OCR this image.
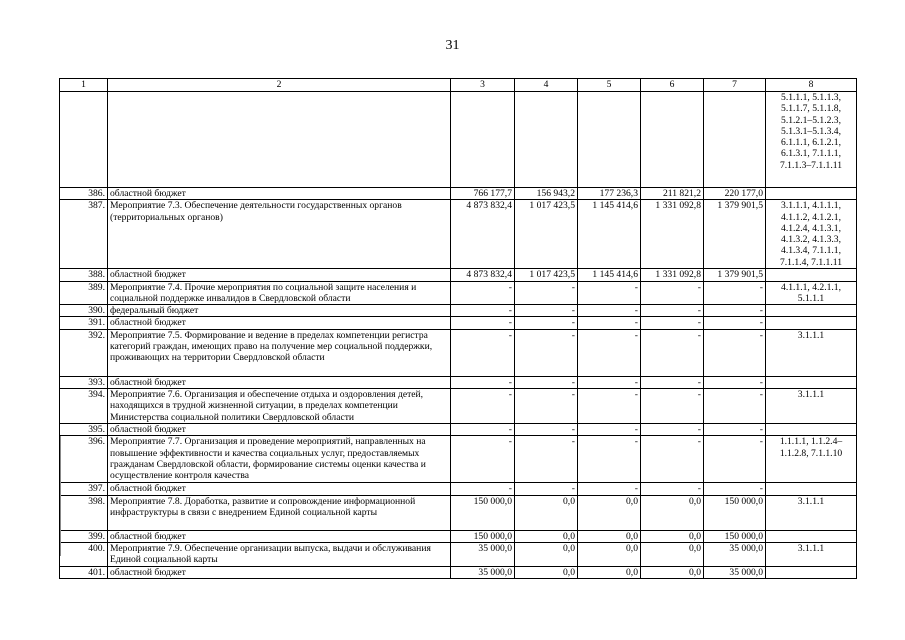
31
1	2	3	4	5	6	7	8
							5.1.1.1, 5.1.1.3, 5.1.1.7, 5.1.1.8, 5.1.2.1–5.1.2.3, 5.1.3.1–5.1.3.4, 6.1.1.1, 6.1.2.1, 6.1.3.1, 7.1.1.1, 7.1.1.3–7.1.1.11
386.	областной бюджет	766 177,7	156 943,2	177 236,3	211 821,2	220 177,0	
387.	Мероприятие 7.3. Обеспечение деятельности государственных органов (территориальных органов)	4 873 832,4	1 017 423,5	1 145 414,6	1 331 092,8	1 379 901,5	3.1.1.1, 4.1.1.1, 4.1.1.2, 4.1.2.1, 4.1.2.4, 4.1.3.1, 4.1.3.2, 4.1.3.3, 4.1.3.4, 7.1.1.1, 7.1.1.4, 7.1.1.11
388.	областной бюджет	4 873 832,4	1 017 423,5	1 145 414,6	1 331 092,8	1 379 901,5	
389.	Мероприятие 7.4. Прочие мероприятия по социальной защите населения и социальной поддержке инвалидов в Свердловской области	-	-	-	-	-	4.1.1.1, 4.2.1.1, 5.1.1.1
390.	федеральный бюджет	-	-	-	-	-	
391.	областной бюджет	-	-	-	-	-	
392.	Мероприятие 7.5. Формирование и ведение в пределах компетенции регистра категорий граждан, имеющих право на получение мер социальной поддержки, проживающих на территории Свердловской области	-	-	-	-	-	3.1.1.1
393.	областной бюджет	-	-	-	-	-	
394.	Мероприятие 7.6. Организация и обеспечение отдыха и оздоровления детей, находящихся в трудной жизненной ситуации, в пределах компетенции Министерства социальной политики Свердловской области	-	-	-	-	-	3.1.1.1
395.	областной бюджет	-	-	-	-	-	
396.	Мероприятие 7.7. Организация и проведение мероприятий, направленных на повышение эффективности и качества социальных услуг, предоставляемых гражданам Свердловской области, формирование системы оценки качества и осуществление контроля качества	-	-	-	-	-	1.1.1.1, 1.1.2.4– 1.1.2.8, 7.1.1.10
397.	областной бюджет	-	-	-	-	-	
398.	Мероприятие 7.8. Доработка, развитие и сопровождение информационной инфраструктуры в связи с внедрением Единой социальной карты	150 000,0	0,0	0,0	0,0	150 000,0	3.1.1.1
399.	областной бюджет	150 000,0	0,0	0,0	0,0	150 000,0	
400.	Мероприятие 7.9. Обеспечение организации выпуска, выдачи и обслуживания Единой социальной карты	35 000,0	0,0	0,0	0,0	35 000,0	3.1.1.1
401.	областной бюджет	35 000,0	0,0	0,0	0,0	35 000,0	
